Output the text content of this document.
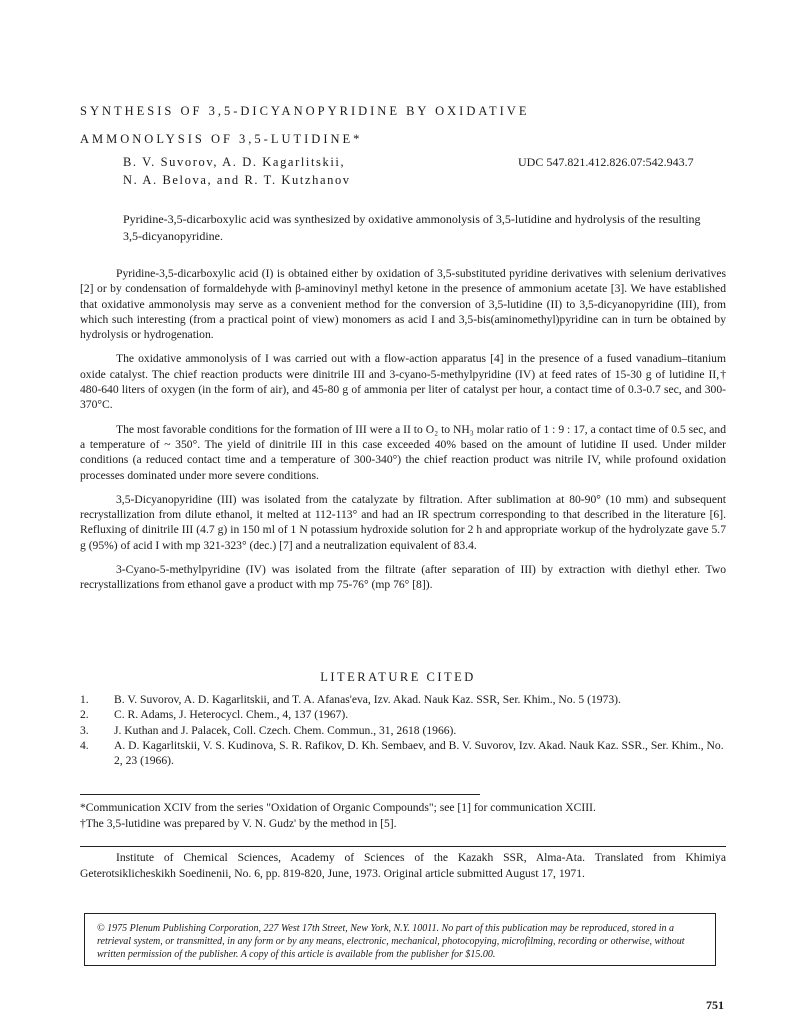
SYNTHESIS OF 3,5-DICYANOPYRIDINE BY OXIDATIVE
AMMONOLYSIS OF 3,5-LUTIDINE*
B. V. Suvorov, A. D. Kagarlitskii,
N. A. Belova, and R. T. Kutzhanov
UDC 547.821.412.826.07:542.943.7
Pyridine-3,5-dicarboxylic acid was synthesized by oxidative ammonolysis of 3,5-lutidine and hydrolysis of the resulting 3,5-dicyanopyridine.

Pyridine-3,5-dicarboxylic acid (I) is obtained either by oxidation of 3,5-substituted pyridine derivatives with selenium derivatives [2] or by condensation of formaldehyde with β-aminovinyl methyl ketone in the presence of ammonium acetate [3]. We have established that oxidative ammonolysis may serve as a convenient method for the conversion of 3,5-lutidine (II) to 3,5-dicyanopyridine (III), from which such interesting (from a practical point of view) monomers as acid I and 3,5-bis(aminomethyl)pyridine can in turn be obtained by hydrolysis or hydrogenation.

The oxidative ammonolysis of I was carried out with a flow-action apparatus [4] in the presence of a fused vanadium–titanium oxide catalyst. The chief reaction products were dinitrile III and 3-cyano-5-methylpyridine (IV) at feed rates of 15-30 g of lutidine II,† 480-640 liters of oxygen (in the form of air), and 45-80 g of ammonia per liter of catalyst per hour, a contact time of 0.3-0.7 sec, and 300-370°C.

The most favorable conditions for the formation of III were a II to O₂ to NH₃ molar ratio of 1 : 9 : 17, a contact time of 0.5 sec, and a temperature of ~ 350°. The yield of dinitrile III in this case exceeded 40% based on the amount of lutidine II used. Under milder conditions (a reduced contact time and a temperature of 300-340°) the chief reaction product was nitrile IV, while profound oxidation processes dominated under more severe conditions.

3,5-Dicyanopyridine (III) was isolated from the catalyzate by filtration. After sublimation at 80-90° (10 mm) and subsequent recrystallization from dilute ethanol, it melted at 112-113° and had an IR spectrum corresponding to that described in the literature [6]. Refluxing of dinitrile III (4.7 g) in 150 ml of 1 N potassium hydroxide solution for 2 h and appropriate workup of the hydrolyzate gave 5.7 g (95%) of acid I with mp 321-323° (dec.) [7] and a neutralization equivalent of 83.4.

3-Cyano-5-methylpyridine (IV) was isolated from the filtrate (after separation of III) by extraction with diethyl ether. Two recrystallizations from ethanol gave a product with mp 75-76° (mp 76° [8]).

LITERATURE CITED
1.	B. V. Suvorov, A. D. Kagarlitskii, and T. A. Afanas'eva, Izv. Akad. Nauk Kaz. SSR, Ser. Khim., No. 5 (1973).
2.	C. R. Adams, J. Heterocycl. Chem., 4, 137 (1967).
3.	J. Kuthan and J. Palacek, Coll. Czech. Chem. Commun., 31, 2618 (1966).
4.	A. D. Kagarlitskii, V. S. Kudinova, S. R. Rafikov, D. Kh. Sembaev, and B. V. Suvorov, Izv. Akad. Nauk Kaz. SSR., Ser. Khim., No. 2, 23 (1966).
*Communication XCIV from the series "Oxidation of Organic Compounds"; see [1] for communication XCIII.
†The 3,5-lutidine was prepared by V. N. Gudz' by the method in [5].
Institute of Chemical Sciences, Academy of Sciences of the Kazakh SSR, Alma-Ata. Translated from Khimiya Geterotsiklicheskikh Soedinenii, No. 6, pp. 819-820, June, 1973. Original article submitted August 17, 1971.
© 1975 Plenum Publishing Corporation, 227 West 17th Street, New York, N.Y. 10011. No part of this publication may be reproduced, stored in a retrieval system, or transmitted, in any form or by any means, electronic, mechanical, photocopying, microfilming, recording or otherwise, without written permission of the publisher. A copy of this article is available from the publisher for $15.00.
751
